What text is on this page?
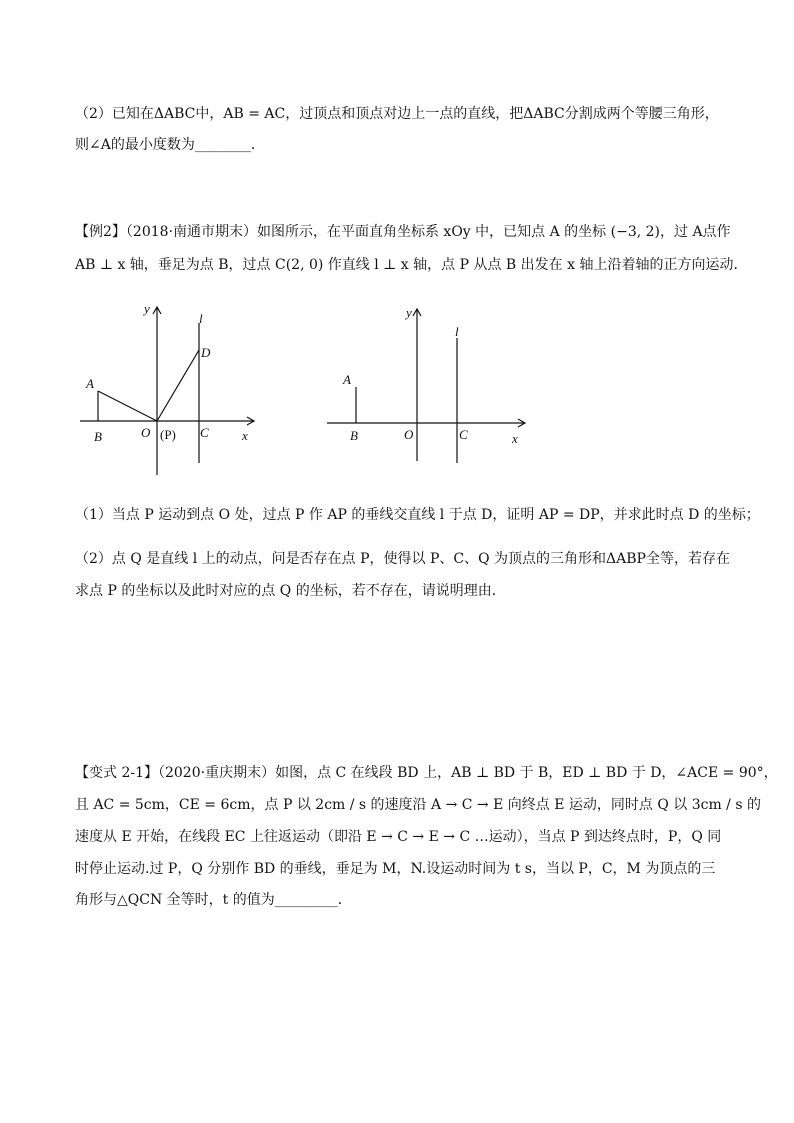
（2）已知在ΔABC中，AB = AC，过顶点和顶点对边上一点的直线，把ΔABC分割成两个等腰三角形，
则∠A的最小度数为________．
【例2】（2018·南通市期末）如图所示，在平面直角坐标系 xOy 中，已知点 A 的坐标 (−3, 2)，过 A点作
AB ⊥ x 轴，垂足为点 B，过点 C(2, 0) 作直线 l ⊥ x 轴，点 P 从点 B 出发在 x 轴上沿着轴的正方向运动．
y
l
D
A
B	O (P) C	x
y
l
A
B	O	C	x
（1）当点 P 运动到点 O 处，过点 P 作 AP 的垂线交直线 l 于点 D，证明 AP = DP，并求此时点 D 的坐标；
（2）点 Q 是直线 l 上的动点，问是否存在点 P，使得以 P、C、Q 为顶点的三角形和ΔABP全等，若存在
求点 P 的坐标以及此时对应的点 Q 的坐标，若不存在，请说明理由．
【变式 2-1】（2020·重庆期末）如图，点 C 在线段 BD 上，AB ⊥ BD 于 B，ED ⊥ BD 于 D，∠ACE = 90°，
且 AC = 5cm，CE = 6cm，点 P 以 2cm / s 的速度沿 A → C → E 向终点 E 运动，同时点 Q 以 3cm / s 的
速度从 E 开始，在线段 EC 上往返运动（即沿 E → C → E → C …运动），当点 P 到达终点时，P，Q 同
时停止运动.过 P，Q 分别作 BD 的垂线，垂足为 M，N.设运动时间为 t s，当以 P，C，M 为顶点的三
角形与△QCN 全等时，t 的值为_________．
